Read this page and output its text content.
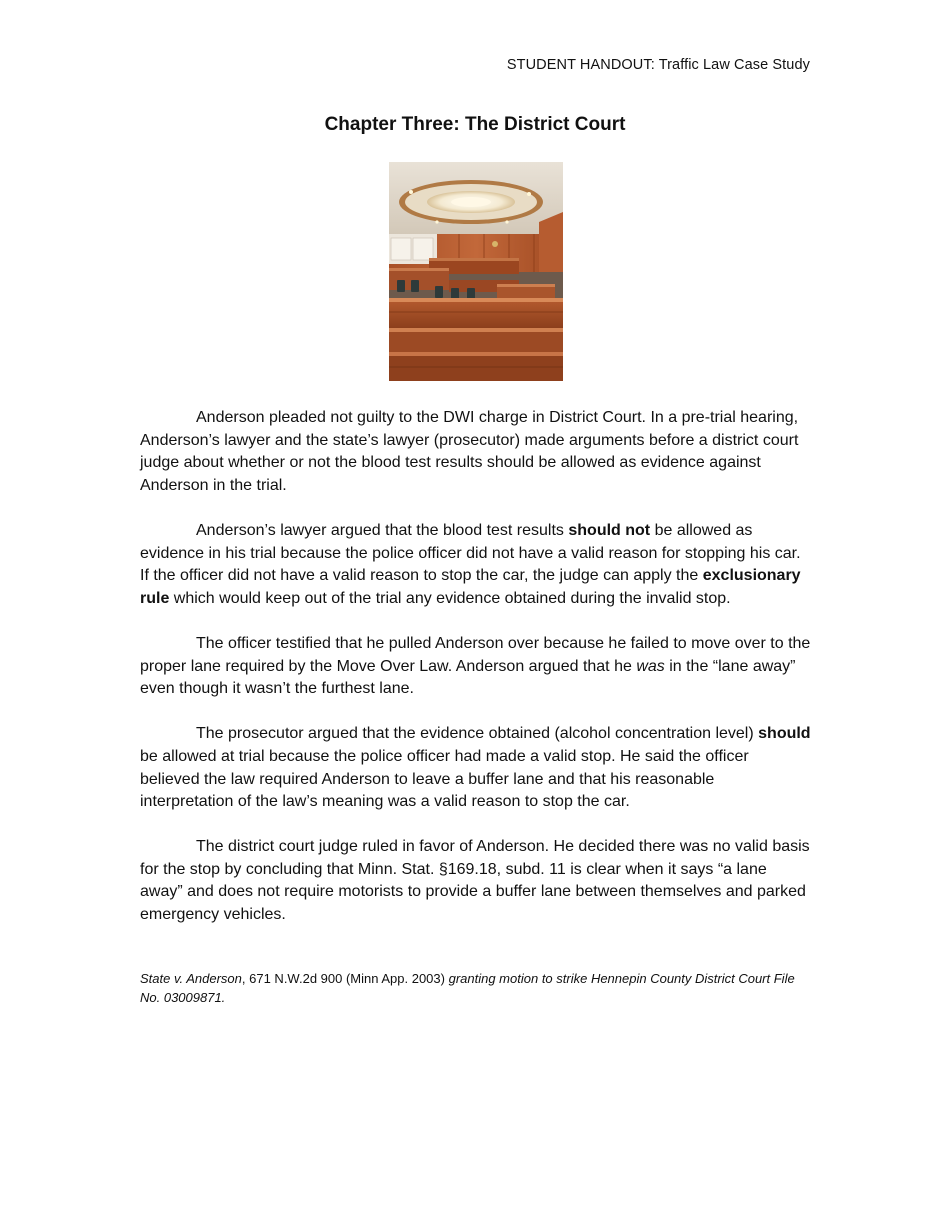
STUDENT HANDOUT: Traffic Law Case Study
Chapter Three: The District Court

Anderson pleaded not guilty to the DWI charge in District Court. In a pre-trial hearing, Anderson’s lawyer and the state’s lawyer (prosecutor) made arguments before a district court judge about whether or not the blood test results should be allowed as evidence against Anderson in the trial.

Anderson’s lawyer argued that the blood test results should not be allowed as evidence in his trial because the police officer did not have a valid reason for stopping his car. If the officer did not have a valid reason to stop the car, the judge can apply the exclusionary rule which would keep out of the trial any evidence obtained during the invalid stop.

The officer testified that he pulled Anderson over because he failed to move over to the proper lane required by the Move Over Law. Anderson argued that he was in the “lane away” even though it wasn’t the furthest lane.

The prosecutor argued that the evidence obtained (alcohol concentration level) should be allowed at trial because the police officer had made a valid stop. He said the officer believed the law required Anderson to leave a buffer lane and that his reasonable interpretation of the law’s meaning was a valid reason to stop the car.

The district court judge ruled in favor of Anderson. He decided there was no valid basis for the stop by concluding that Minn. Stat. §169.18, subd. 11 is clear when it says “a lane away” and does not require motorists to provide a buffer lane between themselves and parked emergency vehicles.

State v. Anderson, 671 N.W.2d 900 (Minn App. 2003) granting motion to strike Hennepin County District Court File No. 03009871.
